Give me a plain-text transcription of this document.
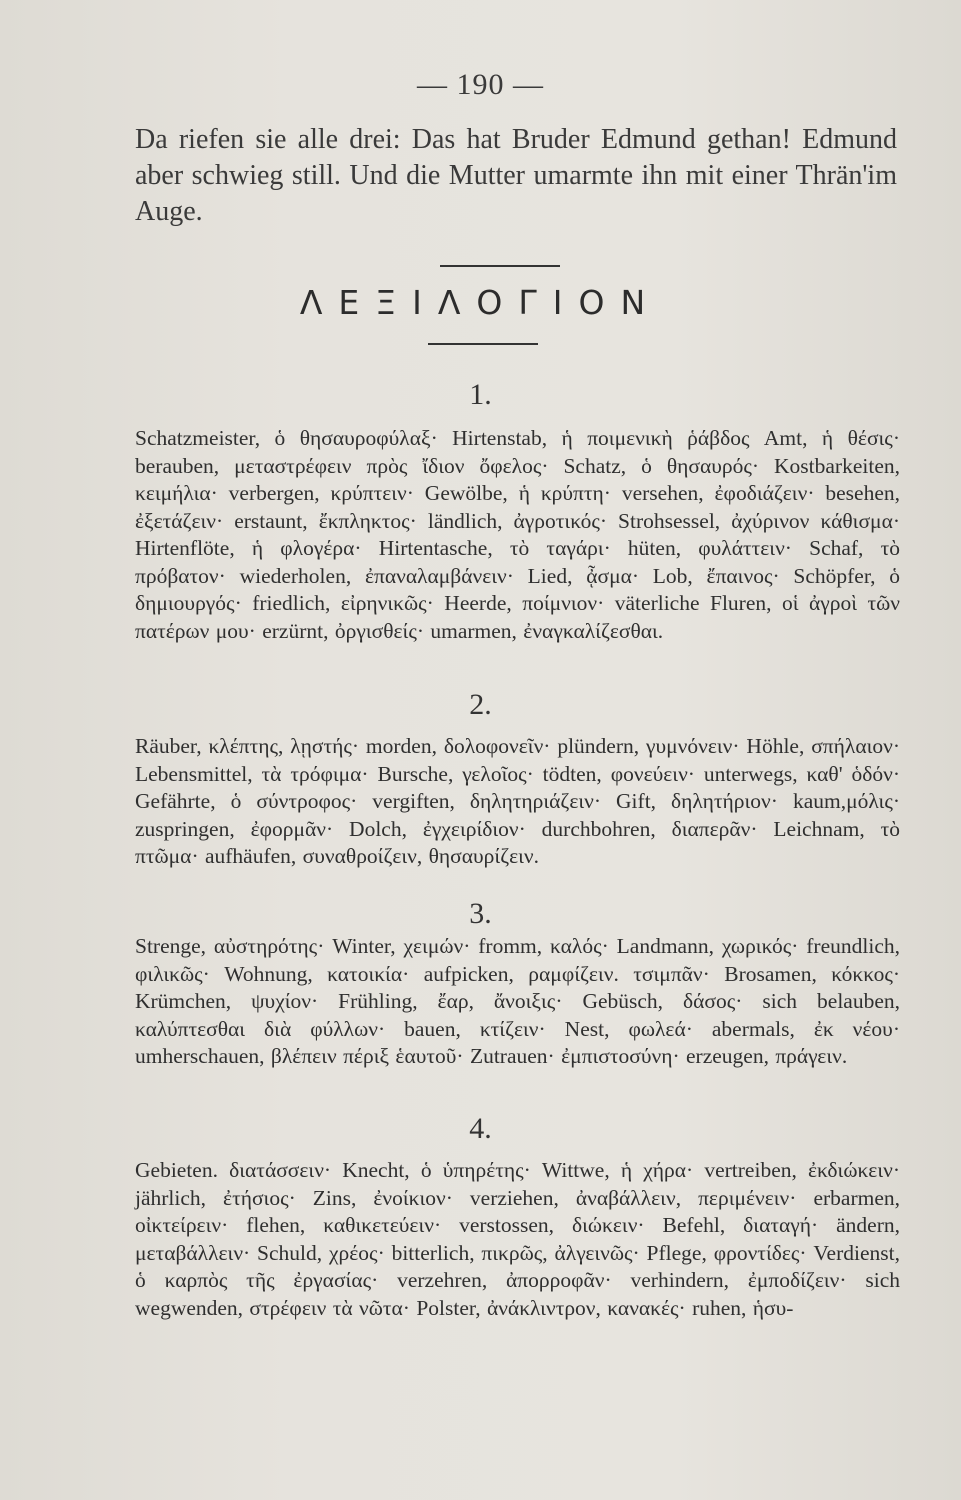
— 190 —

Da riefen sie alle drei: Das hat Bruder Edmund gethan! Edmund aber schwieg still. Und die Mutter umarmte ihn mit einer Thrän'im Auge.

ΛΕΞΙΛΟΓΙΟΝ
1.

Schatzmeister, ὁ θησαυροφύλαξ· Hirtenstab, ἡ ποιμενικὴ ῥάβδος Amt, ἡ θέσις· berauben, μεταστρέφειν πρὸς ἴδιον ὄφελος· Schatz, ὁ θησαυρός· Kostbarkeiten, κειμήλια· verbergen, κρύπτειν· Gewölbe, ἡ κρύπτη· versehen, ἐφοδιάζειν· besehen, ἐξετάζειν· erstaunt, ἔκπληκτος· ländlich, ἀγροτικός· Strohsessel, ἀχύρινον κάθισμα· Hirtenflöte, ἡ φλογέρα· Hirtentasche, τὸ ταγάρι· hüten, φυλάττειν· Schaf, τὸ πρόβατον· wiederholen, ἐπαναλαμβάνειν· Lied, ᾆσμα· Lob, ἔπαινος· Schöpfer, ὁ δημιουργός· friedlich, εἰρηνικῶς· Heerde, ποίμνιον· väterliche Fluren, οἱ ἀγροὶ τῶν πατέρων μου· erzürnt, ὀργισθείς· umarmen, ἐναγκαλίζεσθαι.

2.

Räuber, κλέπτης, λῃστής· morden, δολοφονεῖν· plündern, γυμνόνειν· Höhle, σπήλαιον· Lebensmittel, τὰ τρόφιμα· Bursche, γελοῖος· tödten, φονεύειν· unterwegs, καθ' ὁδόν· Gefährte, ὁ σύντροφος· vergiften, δηλητηριάζειν· Gift, δηλητήριον· kaum,μόλις· zuspringen, ἐφορμᾶν· Dolch, ἐγχειρίδιον· durchbohren, διαπερᾶν· Leichnam, τὸ πτῶμα· aufhäufen, συναθροίζειν, θησαυρίζειν.

3.

Strenge, αὐστηρότης· Winter, χειμών· fromm, καλός· Landmann, χωρικός· freundlich, φιλικῶς· Wohnung, κατοικία· aufpicken, ραμφίζειν. τσιμπᾶν· Brosamen, κόκκος· Krümchen, ψυχίον· Frühling, ἔαρ, ἄνοιξις· Gebüsch, δάσος· sich belauben, καλύπτεσθαι διὰ φύλλων· bauen, κτίζειν· Nest, φωλεά· abermals, ἐκ νέου· umherschauen, βλέπειν πέριξ ἑαυτοῦ· Zutrauen· ἐμπιστοσύνη· erzeugen, πράγειν.

4.

Gebieten. διατάσσειν· Knecht, ὁ ὑπηρέτης· Wittwe, ἡ χήρα· vertreiben, ἐκδιώκειν· jährlich, ἐτήσιος· Zins, ἐνοίκιον· verziehen, ἀναβάλλειν, περιμένειν· erbarmen, οἰκτείρειν· flehen, καθικετεύειν· verstossen, διώκειν· Befehl, διαταγή· ändern, μεταβάλλειν· Schuld, χρέος· bitterlich, πικρῶς, ἀλγεινῶς· Pflege, φροντίδες· Verdienst, ὁ καρπὸς τῆς ἐργασίας· verzehren, ἀπορροφᾶν· verhindern, ἐμποδίζειν· sich wegwenden, στρέφειν τὰ νῶτα· Polster, ἀνάκλιντρον, κανακές· ruhen, ἡσυ-
